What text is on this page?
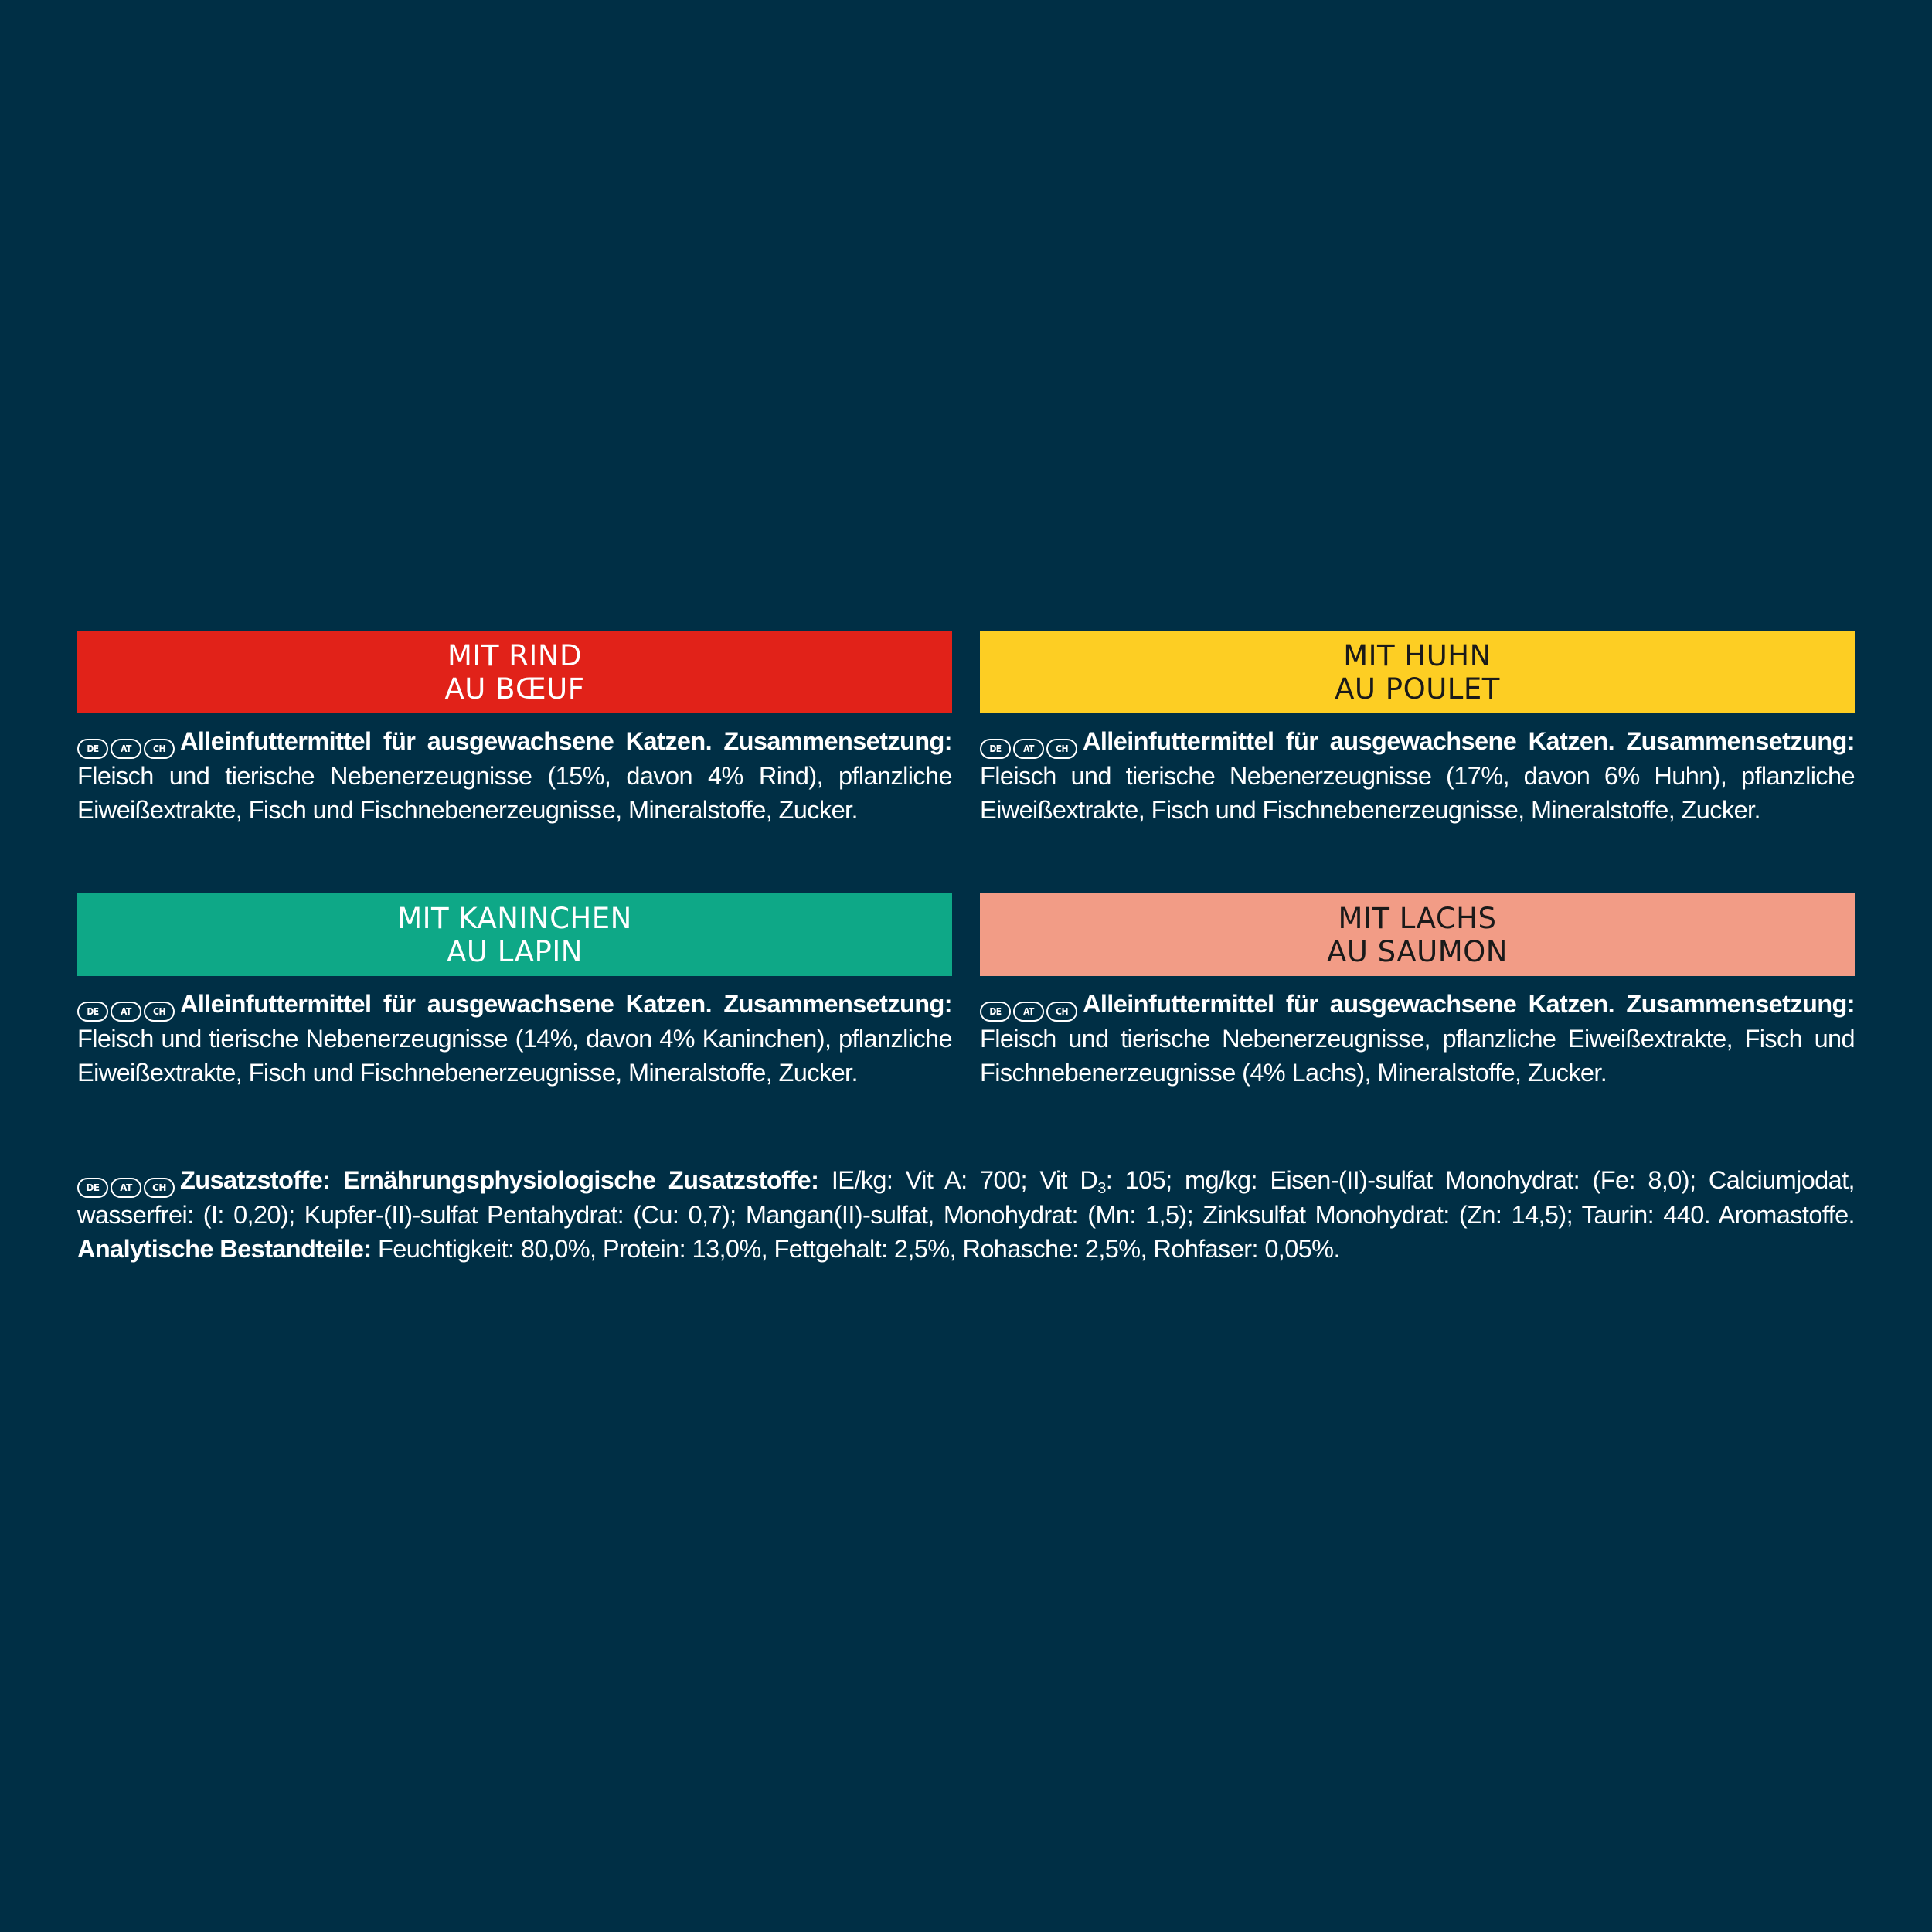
MIT RIND
AU BŒUF
DE	AT	CH Alleinfuttermittel für ausgewachsene Katzen. Zusammensetzung: Fleisch und tierische Nebenerzeugnisse (15%, davon 4% Rind), pflanzliche Eiweißextrakte, Fisch und Fischnebenerzeugnisse, Mineralstoffe, Zucker.
MIT HUHN
AU POULET
DE	AT	CH Alleinfuttermittel für ausgewachsene Katzen. Zusammensetzung: Fleisch und tierische Nebenerzeugnisse (17%, davon 6% Huhn), pflanzliche Eiweißextrakte, Fisch und Fischnebenerzeugnisse, Mineralstoffe, Zucker.
MIT KANINCHEN
AU LAPIN
DE	AT	CH Alleinfuttermittel für ausgewachsene Katzen. Zusammensetzung: Fleisch und tierische Nebenerzeugnisse (14%, davon 4% Kaninchen), pflanzliche Eiweißextrakte, Fisch und Fischnebenerzeugnisse, Mineralstoffe, Zucker.
MIT LACHS
AU SAUMON
DE	AT	CH Alleinfuttermittel für ausgewachsene Katzen. Zusammensetzung: Fleisch und tierische Nebenerzeugnisse, pflanzliche Eiweißextrakte, Fisch und Fischnebenerzeugnisse (4% Lachs), Mineralstoffe, Zucker.
DE	AT	CH Zusatzstoffe: Ernährungsphysiologische Zusatzstoffe: IE/kg: Vit A: 700; Vit $D_3$: 105; mg/kg: Eisen-(II)-sulfat Monohydrat: (Fe: 8,0); Calciumjodat, wasserfrei: (I: 0,20); Kupfer-(II)-sulfat Pentahydrat: (Cu: 0,7); Mangan(II)-sulfat, Monohydrat: (Mn: 1,5); Zinksulfat Monohydrat: (Zn: 14,5); Taurin: 440. Aromastoffe. Analytische Bestandteile: Feuchtigkeit: 80,0%, Protein: 13,0%, Fettgehalt: 2,5%, Rohasche: 2,5%, Rohfaser: 0,05%.
